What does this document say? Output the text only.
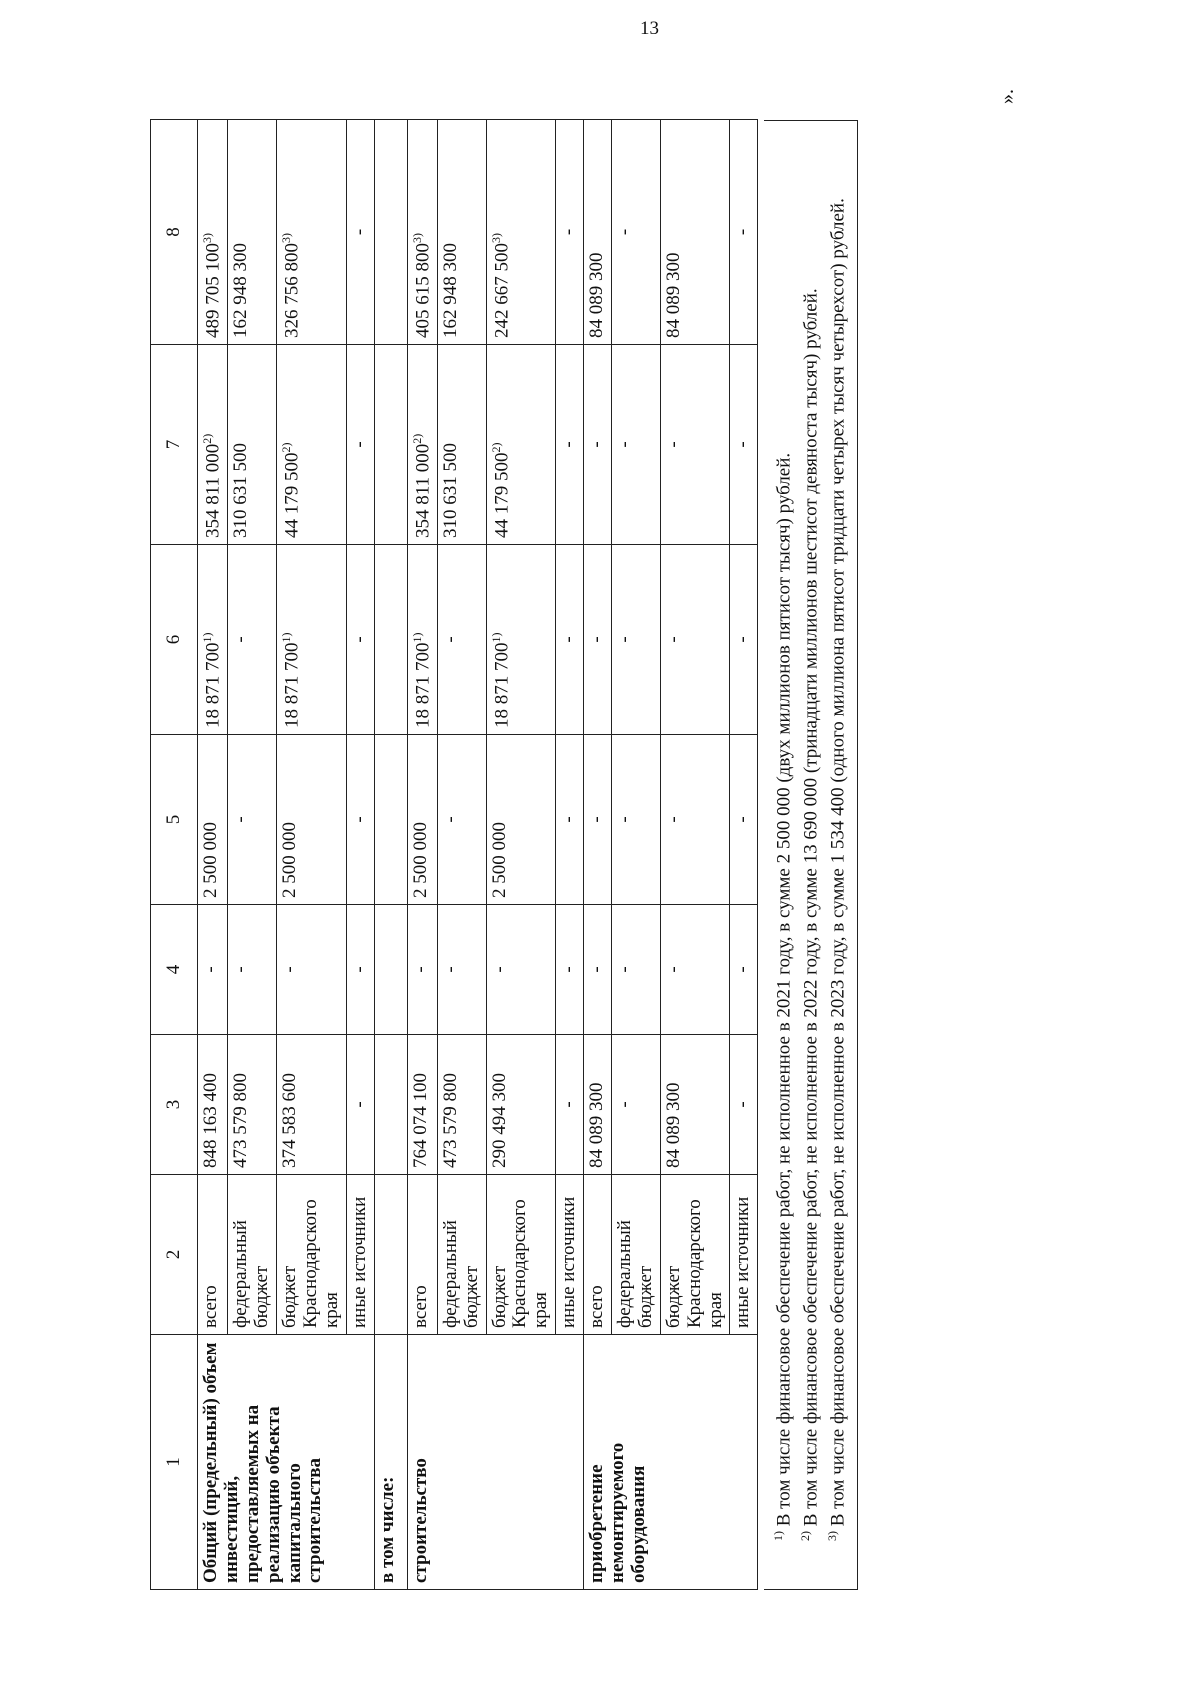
13
1	2	3	4	5	6	7	8
Общий (предельный) объем инвестиций, предоставляемых на реализацию объекта капитального строительства	всего	848 163 400	-	2 500 000	18 871 700$^{1)}$	354 811 000$^{2)}$	489 705 100$^{3)}$
	федеральный бюджет	473 579 800	-	-	-	310 631 500	162 948 300
	бюджет Краснодарского края	374 583 600	-	2 500 000	18 871 700$^{1)}$	44 179 500$^{2)}$	326 756 800$^{3)}$
	иные источники	-	-	-	-	-	-
в том числе:							
строительство	всего	764 074 100	-	2 500 000	18 871 700$^{1)}$	354 811 000$^{2)}$	405 615 800$^{3)}$
	федеральный бюджет	473 579 800	-	-	-	310 631 500	162 948 300
	бюджет Краснодарского края	290 494 300	-	2 500 000	18 871 700$^{1)}$	44 179 500$^{2)}$	242 667 500$^{3)}$
	иные источники	-	-	-	-	-	-
приобретение немонтируемого оборудования	всего	84 089 300	-	-	-	-	84 089 300
	федеральный бюджет	-	-	-	-	-	-
	бюджет Краснодарского края	84 089 300	-	-	-	-	84 089 300
	иные источники	-	-	-	-	-	-

$^{1)}$ В том числе финансовое обеспечение работ, не исполненное в 2021 году, в сумме 2 500 000 (двух миллионов пятисот тысяч) рублей.

$^{2)}$ В том числе финансовое обеспечение работ, не исполненное в 2022 году, в сумме 13 690 000 (тринадцати миллионов шестисот девяноста тысяч) рублей.

$^{3)}$ В том числе финансовое обеспечение работ, не исполненное в 2023 году, в сумме 1 534 400 (одного миллиона пятисот тридцати четырех тысяч четырехсот) рублей.

».
